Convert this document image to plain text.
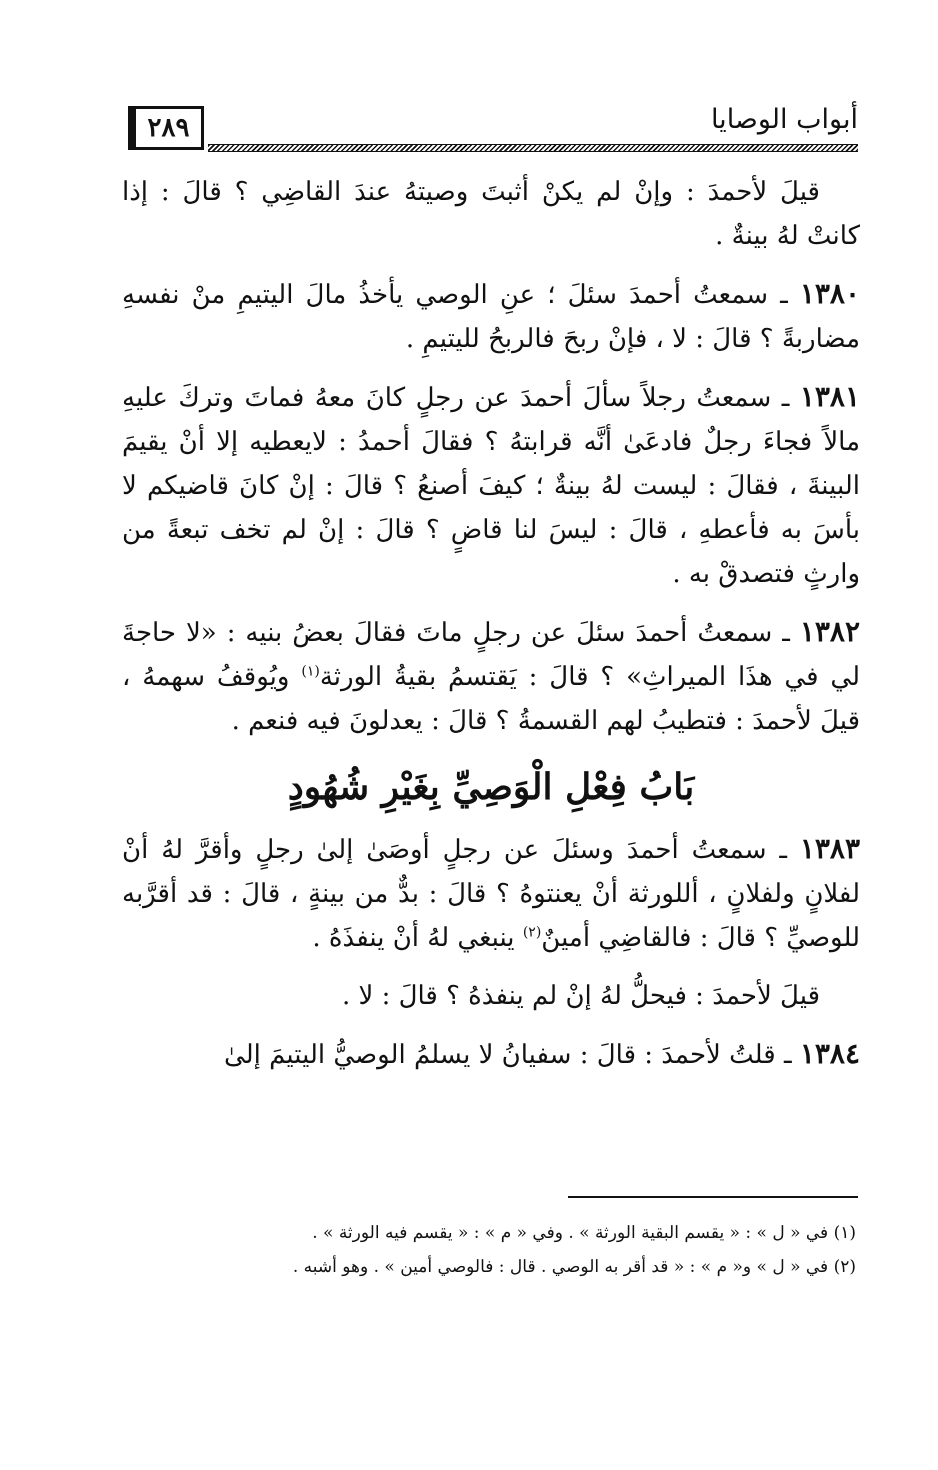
٢٨٩	أبواب الوصايا

قيلَ لأحمدَ : وإنْ لم يكنْ أثبتَ وصيتهُ عندَ القاضِي ؟ قالَ : إذا كانتْ لهُ بينةٌ .

١٣٨٠ ـ سمعتُ أحمدَ سئلَ ؛ عنِ الوصي يأخذُ مالَ اليتيمِ منْ نفسهِ مضاربةً ؟ قالَ : لا ، فإنْ ربحَ فالربحُ لليتيمِ .

١٣٨١ ـ سمعتُ رجلاً سألَ أحمدَ عن رجلٍ كانَ معهُ فماتَ وتركَ عليهِ مالاً فجاءَ رجلٌ فادعَىٰ أنَّه قرابتهُ ؟ فقالَ أحمدُ : لايعطيه إلا أنْ يقيمَ البينةَ ، فقالَ : ليست لهُ بينةٌ ؛ كيفَ أصنعُ ؟ قالَ : إنْ كانَ قاضيكم لا بأسَ به فأعطهِ ، قالَ : ليسَ لنا قاضٍ ؟ قالَ : إنْ لم تخف تبعةً من وارثٍ فتصدقْ به .

١٣٨٢ ـ سمعتُ أحمدَ سئلَ عن رجلٍ ماتَ فقالَ بعضُ بنيه : «لا حاجةَ لي في هذَا الميراثِ» ؟ قالَ : يَقتسمُ بقيةُ الورثة$^{(١)}$ ويُوقفُ سهمهُ ، قيلَ لأحمدَ : فتطيبُ لهم القسمةُ ؟ قالَ : يعدلونَ فيه فنعم .

بَابُ فِعْلِ الْوَصِيِّ بِغَيْرِ شُهُودٍ

١٣٨٣ ـ سمعتُ أحمدَ وسئلَ عن رجلٍ أوصَىٰ إلىٰ رجلٍ وأقرَّ لهُ أنْ لفلانٍ ولفلانٍ ، أللورثة أنْ يعنتوهُ ؟ قالَ : بدٌّ من بينةٍ ، قالَ : قد أقرَّبه للوصيِّ ؟ قالَ : فالقاضِي أمينٌ$^{(٢)}$ ينبغي لهُ أنْ ينفذَهُ .

قيلَ لأحمدَ : فيحلُّ لهُ إنْ لم ينفذهُ ؟ قالَ : لا .

١٣٨٤ ـ قلتُ لأحمدَ : قالَ : سفيانُ لا يسلمُ الوصيُّ اليتيمَ إلىٰ

(١) في « ل » : « يقسم البقية الورثة » . وفي « م » : « يقسم فيه الورثة » .

(٢) في « ل » و« م » : « قد أقر به الوصي . قال : فالوصي أمين » . وهو أشبه .
